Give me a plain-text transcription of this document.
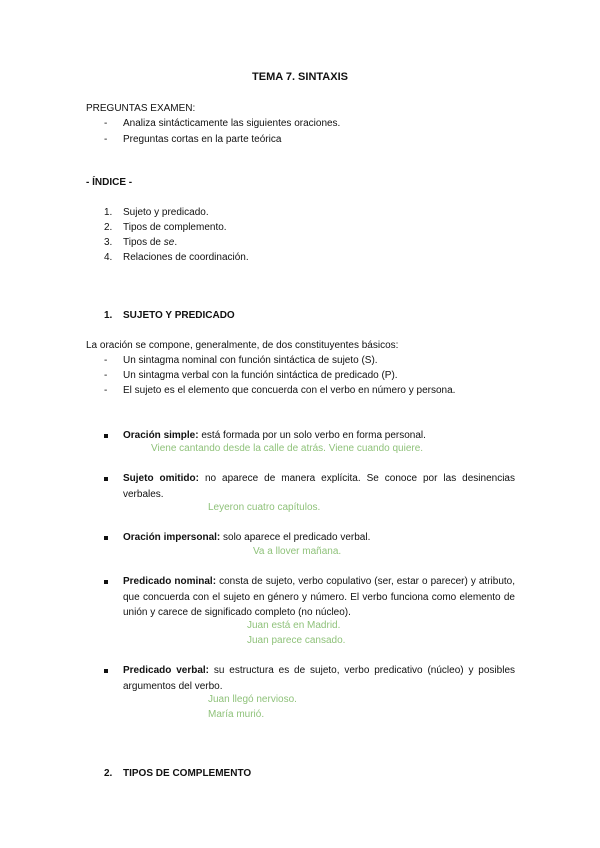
TEMA 7. SINTAXIS
PREGUNTAS EXAMEN:
- Analiza sintácticamente las siguientes oraciones.
- Preguntas cortas en la parte teórica
- ÍNDICE -
1. Sujeto y predicado.
2. Tipos de complemento.
3. Tipos de se.
4. Relaciones de coordinación.
1. SUJETO Y PREDICADO
La oración se compone, generalmente, de dos constituyentes básicos:
- Un sintagma nominal con función sintáctica de sujeto (S).
- Un sintagma verbal con la función sintáctica de predicado (P).
- El sujeto es el elemento que concuerda con el verbo en número y persona.
Oración simple: está formada por un solo verbo en forma personal.
Viene cantando desde la calle de atrás. Viene cuando quiere.
Sujeto omitido: no aparece de manera explícita. Se conoce por las desinencias verbales.
Leyeron cuatro capítulos.
Oración impersonal: solo aparece el predicado verbal.
Va a llover mañana.
Predicado nominal: consta de sujeto, verbo copulativo (ser, estar o parecer) y atributo, que concuerda con el sujeto en género y número. El verbo funciona como elemento de unión y carece de significado completo (no núcleo).
Juan está en Madrid.
Juan parece cansado.
Predicado verbal: su estructura es de sujeto, verbo predicativo (núcleo) y posibles argumentos del verbo.
Juan llegó nervioso.
María murió.
2. TIPOS DE COMPLEMENTO
